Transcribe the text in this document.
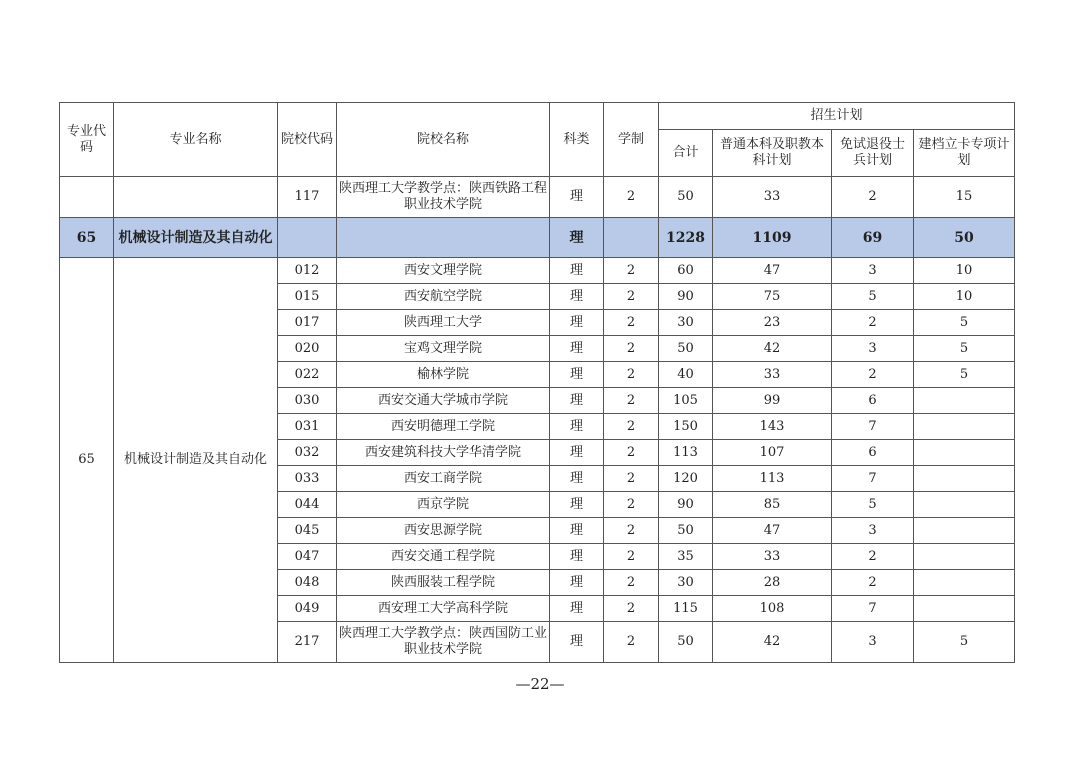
专业代码	专业名称	院校代码	院校名称	科类	学制	招生计划			
						合计	普通本科及职教本科计划	免试退役士兵计划	建档立卡专项计划
		117	陕西理工大学教学点：陕西铁路工程职业技术学院	理	2	50	33	2	15
65	机械设计制造及其自动化			理		1228	1109	69	50
65	机械设计制造及其自动化	012	西安文理学院	理	2	60	47	3	10
		015	西安航空学院	理	2	90	75	5	10
		017	陕西理工大学	理	2	30	23	2	5
		020	宝鸡文理学院	理	2	50	42	3	5
		022	榆林学院	理	2	40	33	2	5
		030	西安交通大学城市学院	理	2	105	99	6	
		031	西安明德理工学院	理	2	150	143	7	
		032	西安建筑科技大学华清学院	理	2	113	107	6	
		033	西安工商学院	理	2	120	113	7	
		044	西京学院	理	2	90	85	5	
		045	西安思源学院	理	2	50	47	3	
		047	西安交通工程学院	理	2	35	33	2	
		048	陕西服装工程学院	理	2	30	28	2	
		049	西安理工大学高科学院	理	2	115	108	7	
		217	陕西理工大学教学点：陕西国防工业职业技术学院	理	2	50	42	3	5
—22—
